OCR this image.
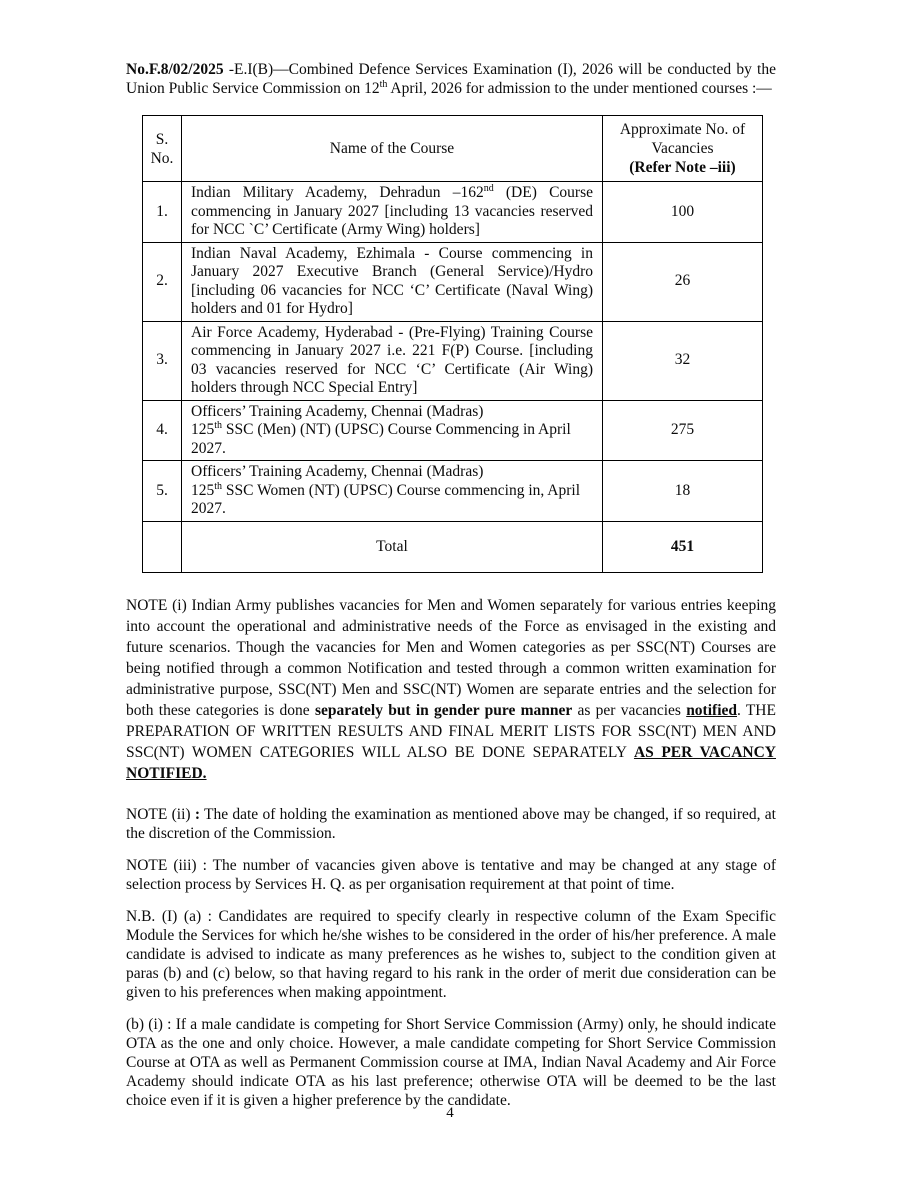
No.F.8/02/2025 -E.I(B)—Combined Defence Services Examination (I), 2026 will be conducted by the Union Public Service Commission on 12th April, 2026 for admission to the under mentioned courses :—

S.
No.	Name of the Course	Approximate No. of Vacancies
(Refer Note –iii)
1.	Indian Military Academy, Dehradun –162nd (DE) Course commencing in January 2027 [including 13 vacancies reserved for NCC `C’ Certificate (Army Wing) holders]	100
2.	Indian Naval Academy, Ezhimala - Course commencing in January 2027 Executive Branch (General Service)/Hydro [including 06 vacancies for NCC ‘C’ Certificate (Naval Wing) holders and 01 for Hydro]	26
3.	Air Force Academy, Hyderabad - (Pre-Flying) Training Course commencing in January 2027 i.e. 221 F(P) Course. [including 03 vacancies reserved for NCC ‘C’ Certificate (Air Wing) holders through NCC Special Entry]	32
4.	Officers’ Training Academy, Chennai (Madras)
125th SSC (Men) (NT) (UPSC) Course Commencing in April 2027.	275
5.	Officers’ Training Academy, Chennai (Madras)
125th SSC Women (NT) (UPSC) Course commencing in, April 2027.	18
	Total	451

NOTE (i) Indian Army publishes vacancies for Men and Women separately for various entries keeping into account the operational and administrative needs of the Force as envisaged in the existing and future scenarios. Though the vacancies for Men and Women categories as per SSC(NT) Courses are being notified through a common Notification and tested through a common written examination for administrative purpose, SSC(NT) Men and SSC(NT) Women are separate entries and the selection for both these categories is done separately but in gender pure manner as per vacancies notified. THE PREPARATION OF WRITTEN RESULTS AND FINAL MERIT LISTS FOR SSC(NT) MEN AND SSC(NT) WOMEN CATEGORIES WILL ALSO BE DONE SEPARATELY AS PER VACANCY NOTIFIED.

NOTE (ii) : The date of holding the examination as mentioned above may be changed, if so required, at the discretion of the Commission.

NOTE (iii) : The number of vacancies given above is tentative and may be changed at any stage of selection process by Services H. Q. as per organisation requirement at that point of time.

N.B. (I) (a) : Candidates are required to specify clearly in respective column of the Exam Specific Module the Services for which he/she wishes to be considered in the order of his/her preference. A male candidate is advised to indicate as many preferences as he wishes to, subject to the condition given at paras (b) and (c) below, so that having regard to his rank in the order of merit due consideration can be given to his preferences when making appointment.

(b) (i) : If a male candidate is competing for Short Service Commission (Army) only, he should indicate OTA as the one and only choice. However, a male candidate competing for Short Service Commission Course at OTA as well as Permanent Commission course at IMA, Indian Naval Academy and Air Force Academy should indicate OTA as his last preference; otherwise OTA will be deemed to be the last choice even if it is given a higher preference by the candidate.

4
